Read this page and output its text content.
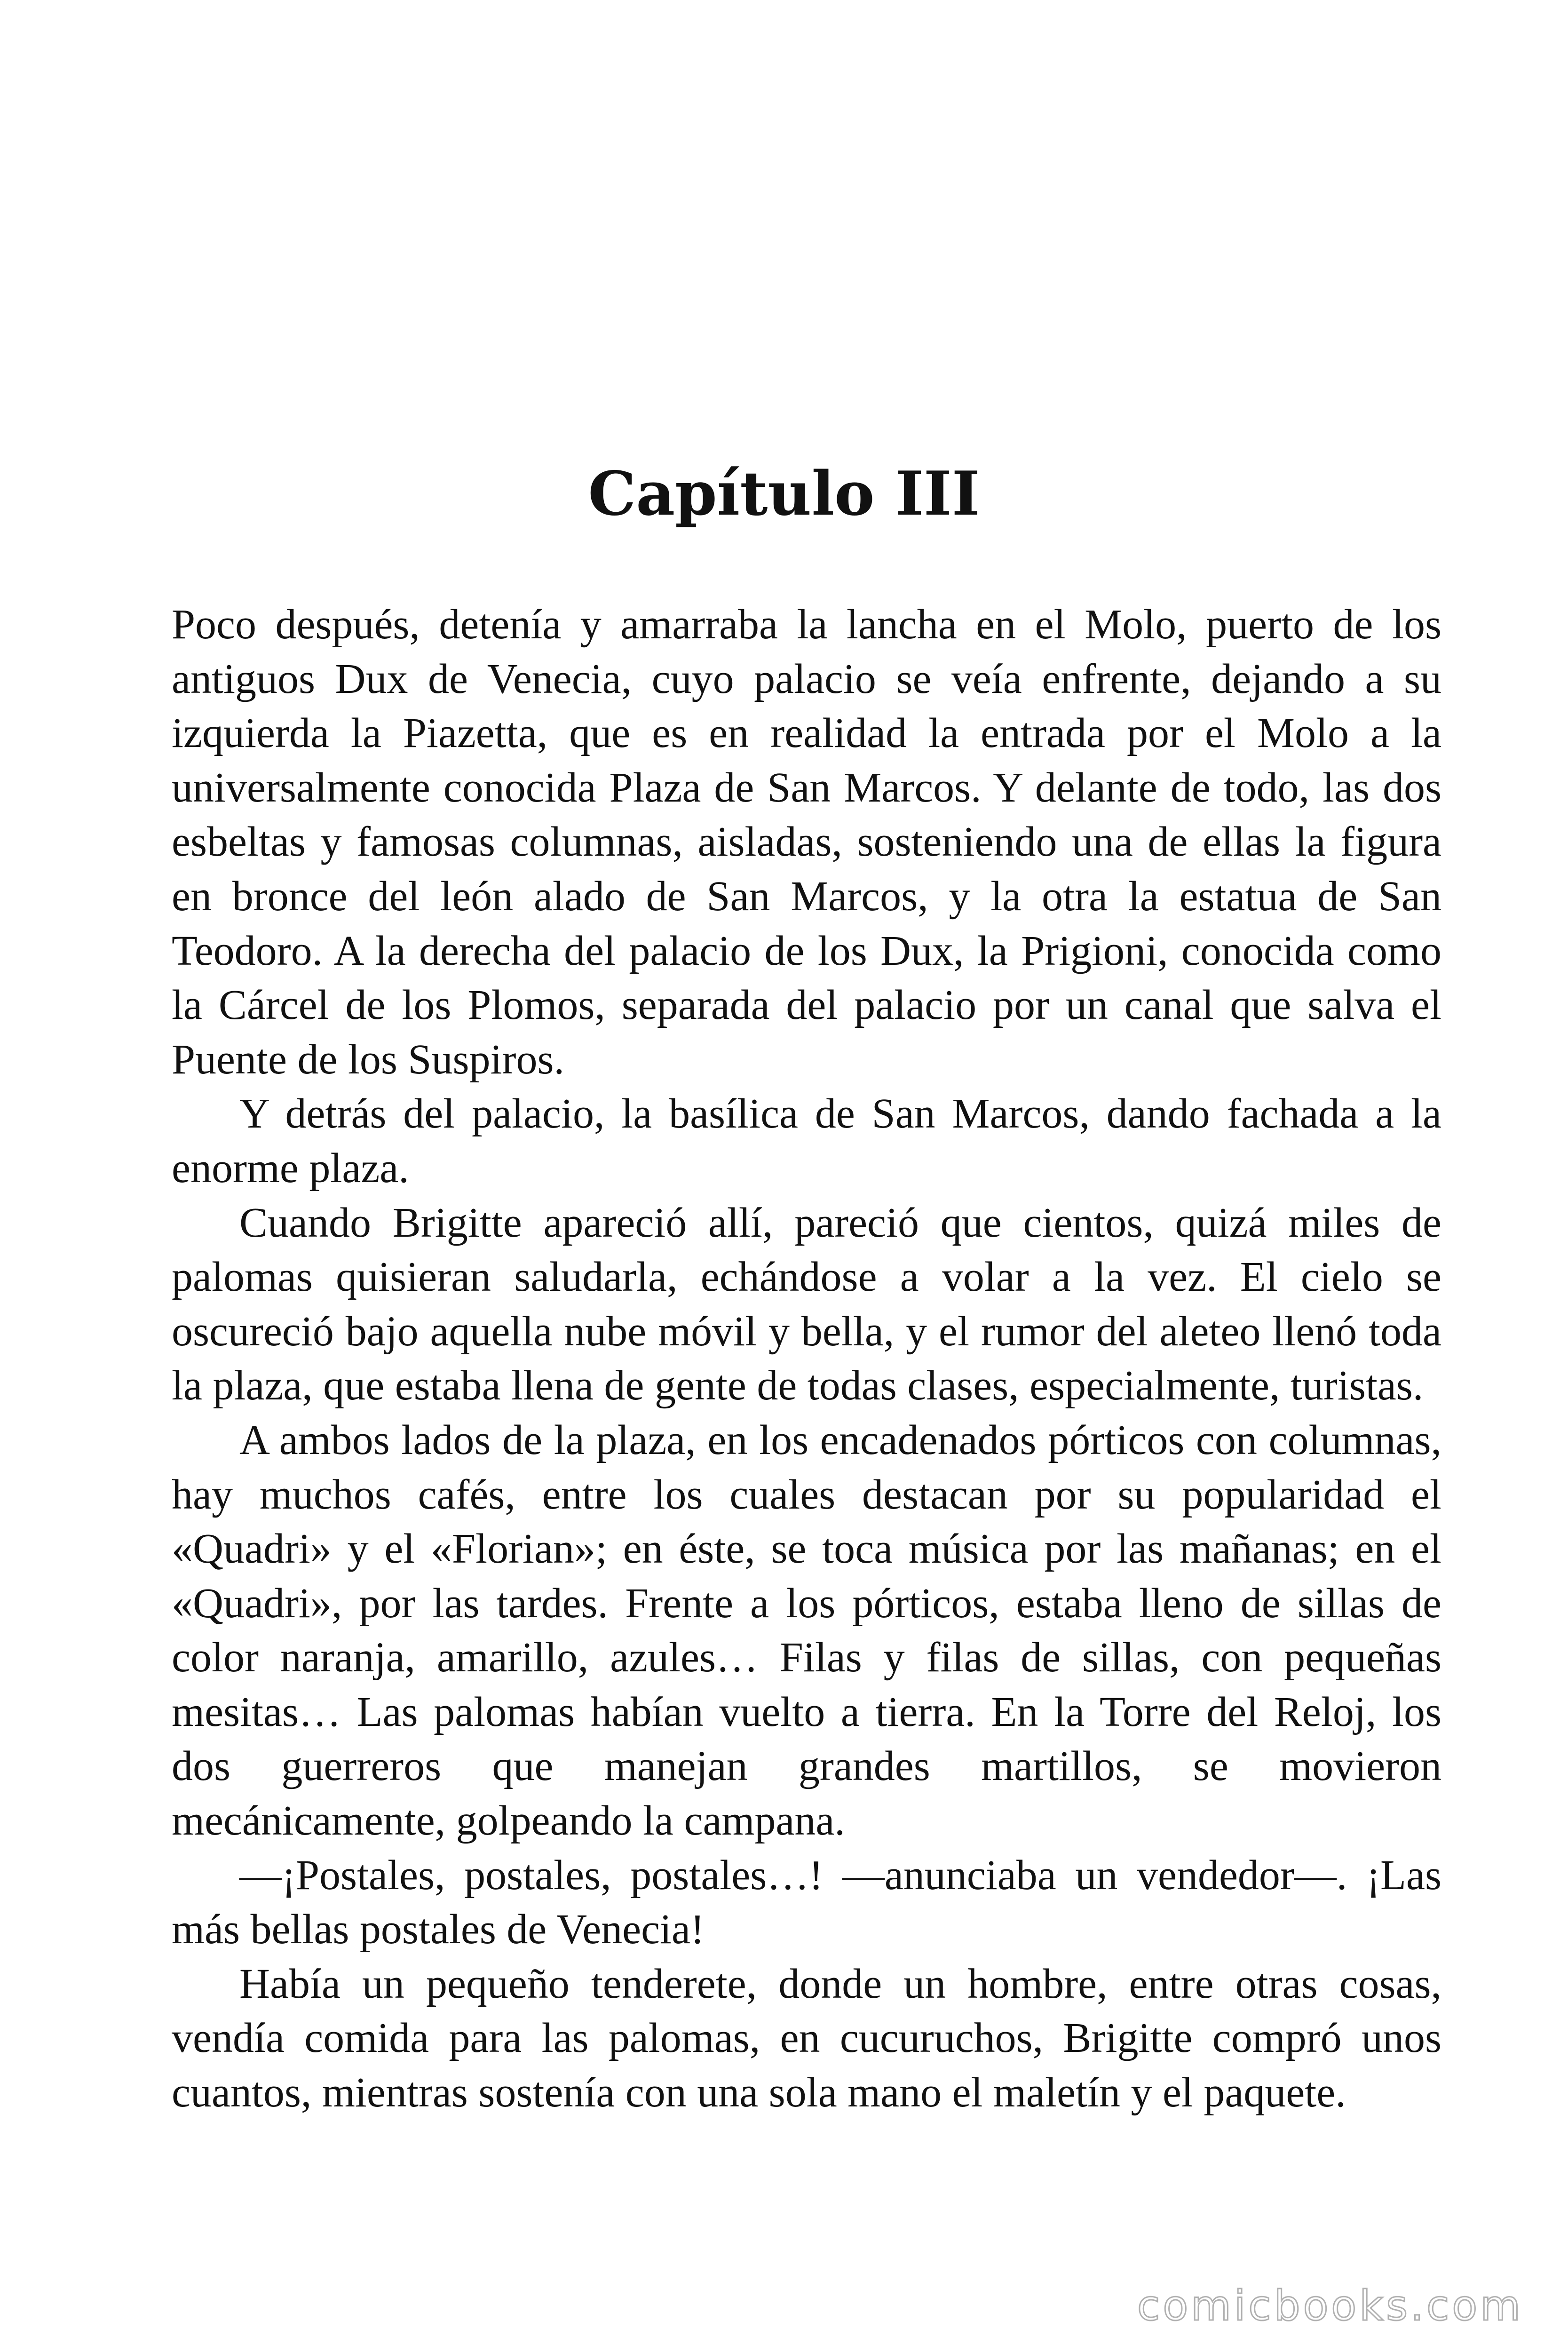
Capítulo III

Poco después, detenía y amarraba la lancha en el Molo, puerto de los antiguos Dux de Venecia, cuyo palacio se veía enfrente, dejando a su izquierda la Piazetta, que es en realidad la entrada por el Molo a la universalmente conocida Plaza de San Marcos. Y delante de todo, las dos esbeltas y famosas columnas, aisladas, sosteniendo una de ellas la figura en bronce del león alado de San Marcos, y la otra la estatua de San Teodoro. A la derecha del palacio de los Dux, la Prigioni, conocida como la Cárcel de los Plomos, separada del palacio por un canal que salva el Puente de los Suspiros.

Y detrás del palacio, la basílica de San Marcos, dando fachada a la enorme plaza.

Cuando Brigitte apareció allí, pareció que cientos, quizá miles de palomas quisieran saludarla, echándose a volar a la vez. El cielo se oscureció bajo aquella nube móvil y bella, y el rumor del aleteo llenó toda la plaza, que estaba llena de gente de todas clases, especialmente, turistas.

A ambos lados de la plaza, en los encadenados pórticos con columnas, hay muchos cafés, entre los cuales destacan por su popularidad el «Quadri» y el «Florian»; en éste, se toca música por las mañanas; en el «Quadri», por las tardes. Frente a los pórticos, estaba lleno de sillas de color naranja, amarillo, azules… Filas y filas de sillas, con pequeñas mesitas… Las palomas habían vuelto a tierra. En la Torre del Reloj, los dos guerreros que manejan grandes martillos, se movieron mecánicamente, golpeando la campana.

—¡Postales, postales, postales…! —anunciaba un vendedor—. ¡Las más bellas postales de Venecia!

Había un pequeño tenderete, donde un hombre, entre otras cosas, vendía comida para las palomas, en cucuruchos, Brigitte compró unos cuantos, mientras sostenía con una sola mano el maletín y el paquete.

comicbooks.com
